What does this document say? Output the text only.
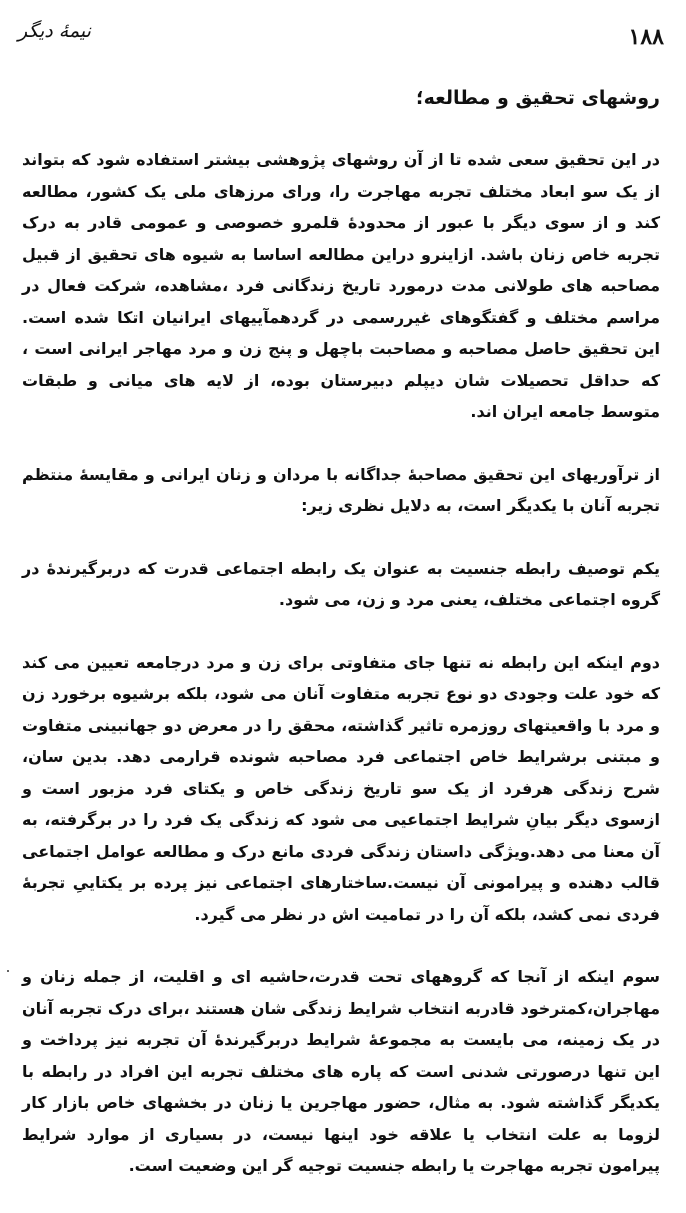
نیمهٔ دیگر	۱۸۸
روشهای تحقیق و مطالعه؛

در این تحقیق سعی شده تا از آن روشهای پژوهشی بیشتر استفاده شود که بتواند از یک سو ابعاد مختلف تجربه مهاجرت را، ورای مرزهای ملی یک کشور، مطالعه کند و از سوی دیگر با عبور از محدودهٔ قلمرو خصوصی و عمومی قادر به درک تجربه خاص زنان باشد. ازاینرو دراین مطالعه اساسا به شیوه های تحقیق از قبیل مصاحبه های طولانی مدت درمورد تاریخ زندگانی فرد ،مشاهده، شرکت فعال در مراسم مختلف و گفتگوهای غیررسمی در گردهمآییهای ایرانیان اتکا شده است. این تحقیق حاصل مصاحبه و مصاحبت باچهل و پنج زن و مرد مهاجر ایرانی است ، که حداقل تحصیلات شان دیپلم دبیرستان بوده، از لایه های میانی و طبقات متوسط جامعه ایران اند.

از ترآوریهای این تحقیق مصاحبهٔ جداگانه با مردان و زنان ایرانی و مقایسهٔ منتظم تجربه آنان با یکدیگر است، به دلایل نظری زیر:

یکم توصیف رابطه جنسیت به عنوان یک رابطه اجتماعی قدرت که دربرگیرندهٔ در گروه اجتماعی مختلف، یعنی مرد و زن، می شود.

دوم اینکه این رابطه نه تنها جای متفاوتی برای زن و مرد درجامعه تعیین می کند که خود علت وجودی دو نوع تجربه متفاوت آنان می شود، بلکه برشیوه برخورد زن و مرد با واقعیتهای روزمره تاثیر گذاشته، محقق را در معرض دو جهانبینی متفاوت و مبتنی برشرایط خاص اجتماعی فرد مصاحبه شونده قرارمی دهد. بدین سان، شرح زندگی هرفرد از یک سو تاریخ زندگی خاص و یکتای فرد مزبور است و ازسوی دیگر بیانِ شرایط اجتماعیی می شود که زندگی یک فرد را در برگرفته، به آن معنا می دهد.ویژگی داستان زندگی فردی مانع درک و مطالعه عوامل اجتماعی قالب دهنده و پیرامونی آن نیست.ساختارهای اجتماعی نیز پرده بر یکتاییِ تجربهٔ فردی نمی کشد، بلکه آن را در تمامیت اش در نظر می گیرد.

سوم اینکه از آنجا که گروههای تحت قدرت،حاشیه ای و اقلیت، از جمله زنان و مهاجران،کمترخود قادربه انتخاب شرایط زندگی شان هستند ،برای درک تجربه آنان در یک زمینه، می بایست به مجموعهٔ شرایط دربرگیرندهٔ آن تجربه نیز پرداخت و این تنها درصورتی شدنی است که پاره های مختلف تجربه این افراد در رابطه با یکدیگر گذاشته شود. به مثال، حضور مهاجرین یا زنان در بخشهای خاص بازار کار لزوما به علت انتخاب یا علاقه خود اینها نیست، در بسیاری از موارد شرایط پیرامون تجربه مهاجرت یا رابطه جنسیت توجیه گر این وضعیت است.
